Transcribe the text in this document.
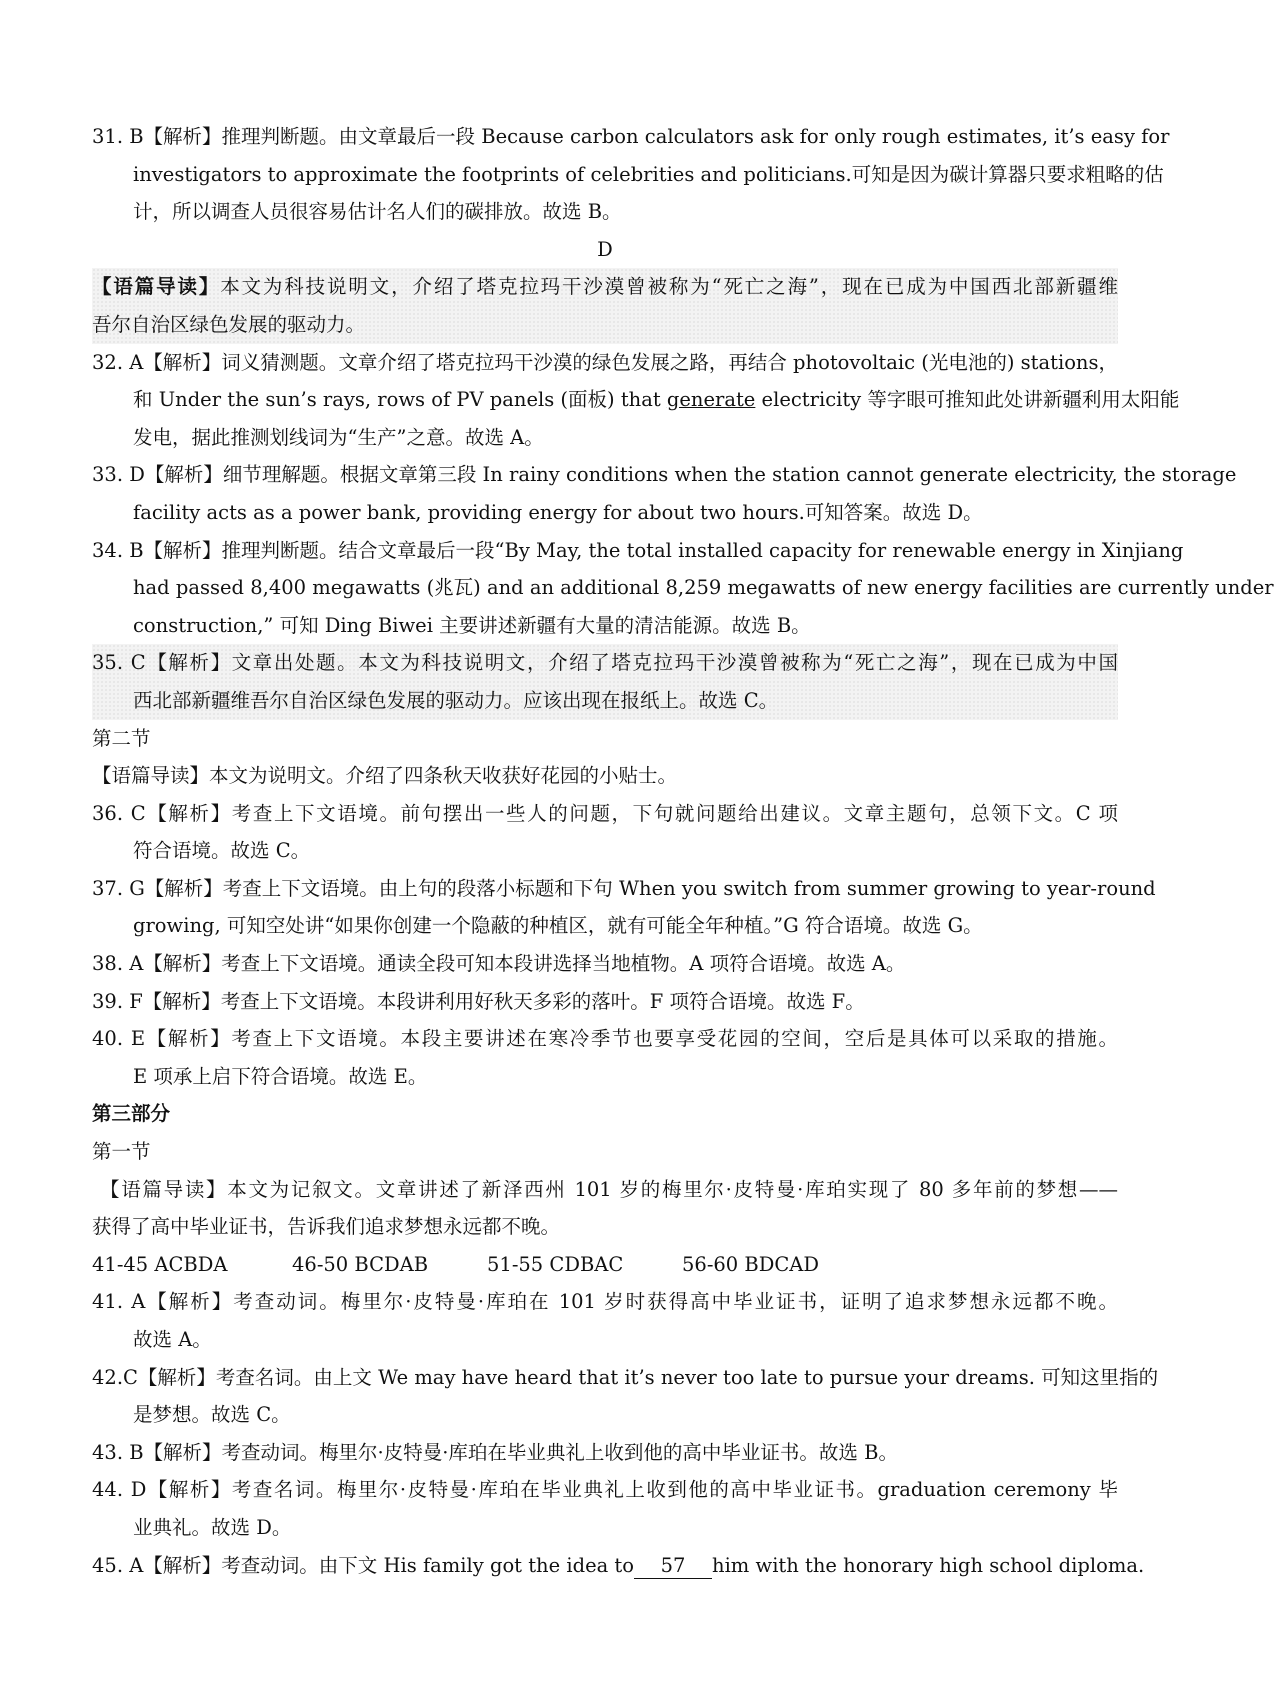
31. B【解析】推理判断题。由文章最后一段 Because carbon calculators ask for only rough estimates, it’s easy for
investigators to approximate the footprints of celebrities and politicians.可知是因为碳计算器只要求粗略的估
计，所以调查人员很容易估计名人们的碳排放。故选 B。
D
【语篇导读】本文为科技说明文，介绍了塔克拉玛干沙漠曾被称为“死亡之海”，现在已成为中国西北部新疆维
吾尔自治区绿色发展的驱动力。
32. A【解析】词义猜测题。文章介绍了塔克拉玛干沙漠的绿色发展之路，再结合 photovoltaic (光电池的) stations，
和 Under the sun’s rays, rows of PV panels (面板) that generate electricity 等字眼可推知此处讲新疆利用太阳能
发电，据此推测划线词为“生产”之意。故选 A。
33. D【解析】细节理解题。根据文章第三段 In rainy conditions when the station cannot generate electricity, the storage
facility acts as a power bank, providing energy for about two hours.可知答案。故选 D。
34. B【解析】推理判断题。结合文章最后一段“By May, the total installed capacity for renewable energy in Xinjiang
had passed 8,400 megawatts (兆瓦) and an additional 8,259 megawatts of new energy facilities are currently under
construction,” 可知 Ding Biwei 主要讲述新疆有大量的清洁能源。故选 B。
35. C【解析】文章出处题。本文为科技说明文，介绍了塔克拉玛干沙漠曾被称为“死亡之海”，现在已成为中国
西北部新疆维吾尔自治区绿色发展的驱动力。应该出现在报纸上。故选 C。
第二节
【语篇导读】本文为说明文。介绍了四条秋天收获好花园的小贴士。
36. C【解析】考查上下文语境。前句摆出一些人的问题，下句就问题给出建议。文章主题句，总领下文。C 项
符合语境。故选 C。
37. G【解析】考查上下文语境。由上句的段落小标题和下句 When you switch from summer growing to year-round
growing, 可知空处讲“如果你创建一个隐蔽的种植区，就有可能全年种植。”G 符合语境。故选 G。
38. A【解析】考查上下文语境。通读全段可知本段讲选择当地植物。A 项符合语境。故选 A。
39. F【解析】考查上下文语境。本段讲利用好秋天多彩的落叶。F 项符合语境。故选 F。
40. E【解析】考查上下文语境。本段主要讲述在寒冷季节也要享受花园的空间，空后是具体可以采取的措施。
E 项承上启下符合语境。故选 E。
第三部分
第一节
【语篇导读】本文为记叙文。文章讲述了新泽西州 101 岁的梅里尔·皮特曼·库珀实现了 80 多年前的梦想——
获得了高中毕业证书，告诉我们追求梦想永远都不晚。
41-45 ACBDA	46-50 BCDAB	51-55 CDBAC	56-60 BDCAD
41. A【解析】考查动词。梅里尔·皮特曼·库珀在 101 岁时获得高中毕业证书，证明了追求梦想永远都不晚。
故选 A。
42.C【解析】考查名词。由上文 We may have heard that it’s never too late to pursue your dreams. 可知这里指的
是梦想。故选 C。
43. B【解析】考查动词。梅里尔·皮特曼·库珀在毕业典礼上收到他的高中毕业证书。故选 B。
44. D【解析】考查名词。梅里尔·皮特曼·库珀在毕业典礼上收到他的高中毕业证书。graduation ceremony 毕
业典礼。故选 D。
45. A【解析】考查动词。由下文 His family got the idea to 57 him with the honorary high school diploma.
